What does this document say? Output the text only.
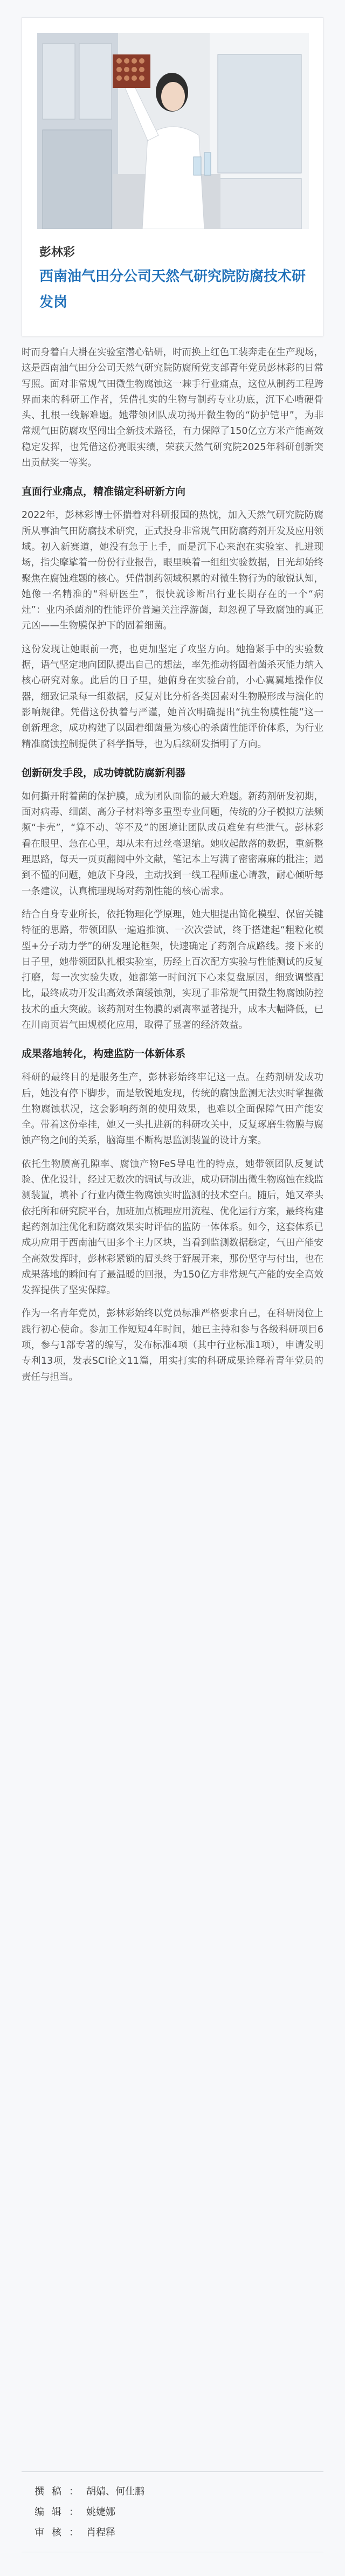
彭林彩
西南油气田分公司天然气研究院防腐技术研发岗

时而身着白大褂在实验室潜心钻研，时而换上红色工装奔走在生产现场，这是西南油气田分公司天然气研究院防腐所党支部青年党员彭林彩的日常写照。面对非常规气田微生物腐蚀这一棘手行业痛点，这位从制药工程跨界而来的科研工作者，凭借扎实的生物与制药专业功底，沉下心啃硬骨头、扎根一线解难题。她带领团队成功揭开微生物的“防护铠甲”，为非常规气田防腐攻坚闯出全新技术路径，有力保障了150亿立方米产能高效稳定发挥，也凭借这份亮眼实绩，荣获天然气研究院2025年科研创新突出贡献奖一等奖。

直面行业痛点，精准锚定科研新方向

2022年，彭林彩博士怀揣着对科研报国的热忱，加入天然气研究院防腐所从事油气田防腐技术研究，正式投身非常规气田防腐药剂开发及应用领域。初入新赛道，她没有急于上手，而是沉下心来泡在实验室、扎进现场，指尖摩挲着一份份行业报告，眼里映着一组组实验数据，目光却始终聚焦在腐蚀难题的核心。凭借制药领域积累的对微生物行为的敏锐认知，她像一名精准的“科研医生”，很快就诊断出行业长期存在的一个“病灶”：业内杀菌剂的性能评价普遍关注浮游菌，却忽视了导致腐蚀的真正元凶——生物膜保护下的固着细菌。

这份发现让她眼前一亮，也更加坚定了攻坚方向。她撸紧手中的实验数据，语气坚定地向团队提出自己的想法，率先推动将固着菌杀灭能力纳入核心研究对象。此后的日子里，她俯身在实验台前，小心翼翼地操作仪器，细致记录每一组数据，反复对比分析各类因素对生物膜形成与演化的影响规律。凭借这份执着与严谨，她首次明确提出“抗生物膜性能”这一创新理念，成功构建了以固着细菌量为核心的杀菌性能评价体系，为行业精准腐蚀控制提供了科学指导，也为后续研发指明了方向。

创新研发手段，成功铸就防腐新利器

如何撕开附着菌的保护膜，成为团队面临的最大难题。新药剂研发初期，面对病毒、细菌、高分子材料等多重型专业问题，传统的分子模拟方法频频“卡壳”，“算不动、等不及”的困境让团队成员难免有些泄气。彭林彩看在眼里、急在心里，却从未有过丝毫退缩。她收起散落的数据，重新整理思路，每天一页页翻阅中外文献，笔记本上写满了密密麻麻的批注；遇到不懂的问题，她放下身段，主动找到一线工程师虚心请教，耐心倾听每一条建议，认真梳理现场对药剂性能的核心需求。

结合自身专业所长，依托物理化学原理，她大胆提出简化模型、保留关键特征的思路，带领团队一遍遍推演、一次次尝试，终于搭建起“粗粒化模型+分子动力学”的研发理论框架，快速确定了药剂合成路线。接下来的日子里，她带领团队扎根实验室，历经上百次配方实验与性能测试的反复打磨，每一次实验失败，她都第一时间沉下心来复盘原因，细致调整配比，最终成功开发出高效杀菌缓蚀剂，实现了非常规气田微生物腐蚀防控技术的重大突破。该药剂对生物膜的剥离率显著提升，成本大幅降低，已在川南页岩气田规模化应用，取得了显著的经济效益。

成果落地转化，构建监防一体新体系

科研的最终目的是服务生产，彭林彩始终牢记这一点。在药剂研发成功后，她没有停下脚步，而是敏锐地发现，传统的腐蚀监测无法实时掌握微生物腐蚀状况，这会影响药剂的使用效果，也难以全面保障气田产能安全。带着这份牵挂，她又一头扎进新的科研攻关中，反复琢磨生物膜与腐蚀产物之间的关系，脑海里不断构思监测装置的设计方案。

依托生物膜高孔隙率、腐蚀产物FeS导电性的特点，她带领团队反复试验、优化设计，经过无数次的调试与改进，成功研制出微生物腐蚀在线监测装置，填补了行业内微生物腐蚀实时监测的技术空白。随后，她又牵头依托所和研究院平台，加班加点梳理应用流程、优化运行方案，最终构建起药剂加注优化和防腐效果实时评估的监防一体体系。如今，这套体系已成功应用于西南油气田多个主力区块，当看到监测数据稳定，气田产能安全高效发挥时，彭林彩紧锁的眉头终于舒展开来，那份坚守与付出，也在成果落地的瞬间有了最温暖的回报，为150亿方非常规气产能的安全高效发挥提供了坚实保障。

作为一名青年党员，彭林彩始终以党员标准严格要求自己，在科研岗位上践行初心使命。参加工作短短4年时间，她已主持和参与各级科研项目6项，参与1部专著的编写，发布标准4项（其中行业标准1项），申请发明专利13项，发表SCI论文11篇，用实打实的科研成果诠释着青年党员的责任与担当。

撰稿：胡婧、何仕鹏
编辑：姚婕娜
审核：肖程释
